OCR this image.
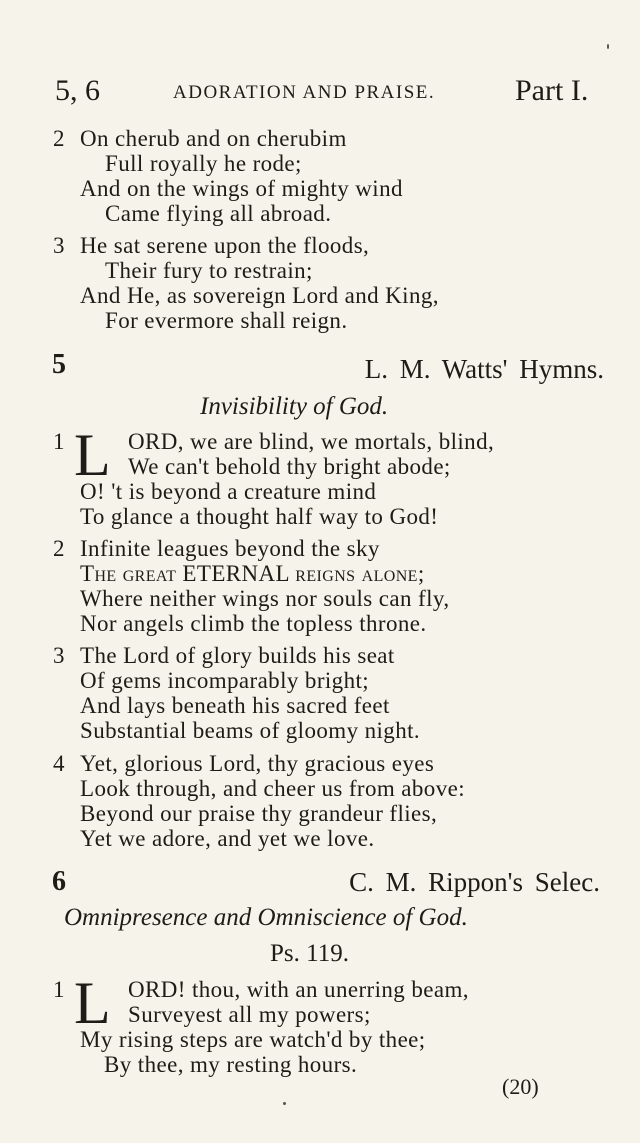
5, 6	ADORATION AND PRAISE.	Part I.
2 On cherub and on cherubim
Full royally he rode;
And on the wings of mighty wind
Came flying all abroad.
3 He sat serene upon the floods,
Their fury to restrain;
And He, as sovereign Lord and King,
For evermore shall reign.
5	L. M. Watts' Hymns.
Invisibility of God.
1 L ORD, we are blind, we mortals, blind,
We can't behold thy bright abode;
O! 't is beyond a creature mind
To glance a thought half way to God!
2 Infinite leagues beyond the sky
The great ETERNAL reigns alone;
Where neither wings nor souls can fly,
Nor angels climb the topless throne.
3 The Lord of glory builds his seat
Of gems incomparably bright;
And lays beneath his sacred feet
Substantial beams of gloomy night.
4 Yet, glorious Lord, thy gracious eyes
Look through, and cheer us from above:
Beyond our praise thy grandeur flies,
Yet we adore, and yet we love.
6	C. M. Rippon's Selec.
Omnipresence and Omniscience of God.
Ps. 119.
1 L ORD! thou, with an unerring beam,
Surveyest all my powers;
My rising steps are watch'd by thee;
By thee, my resting hours.
(20)
